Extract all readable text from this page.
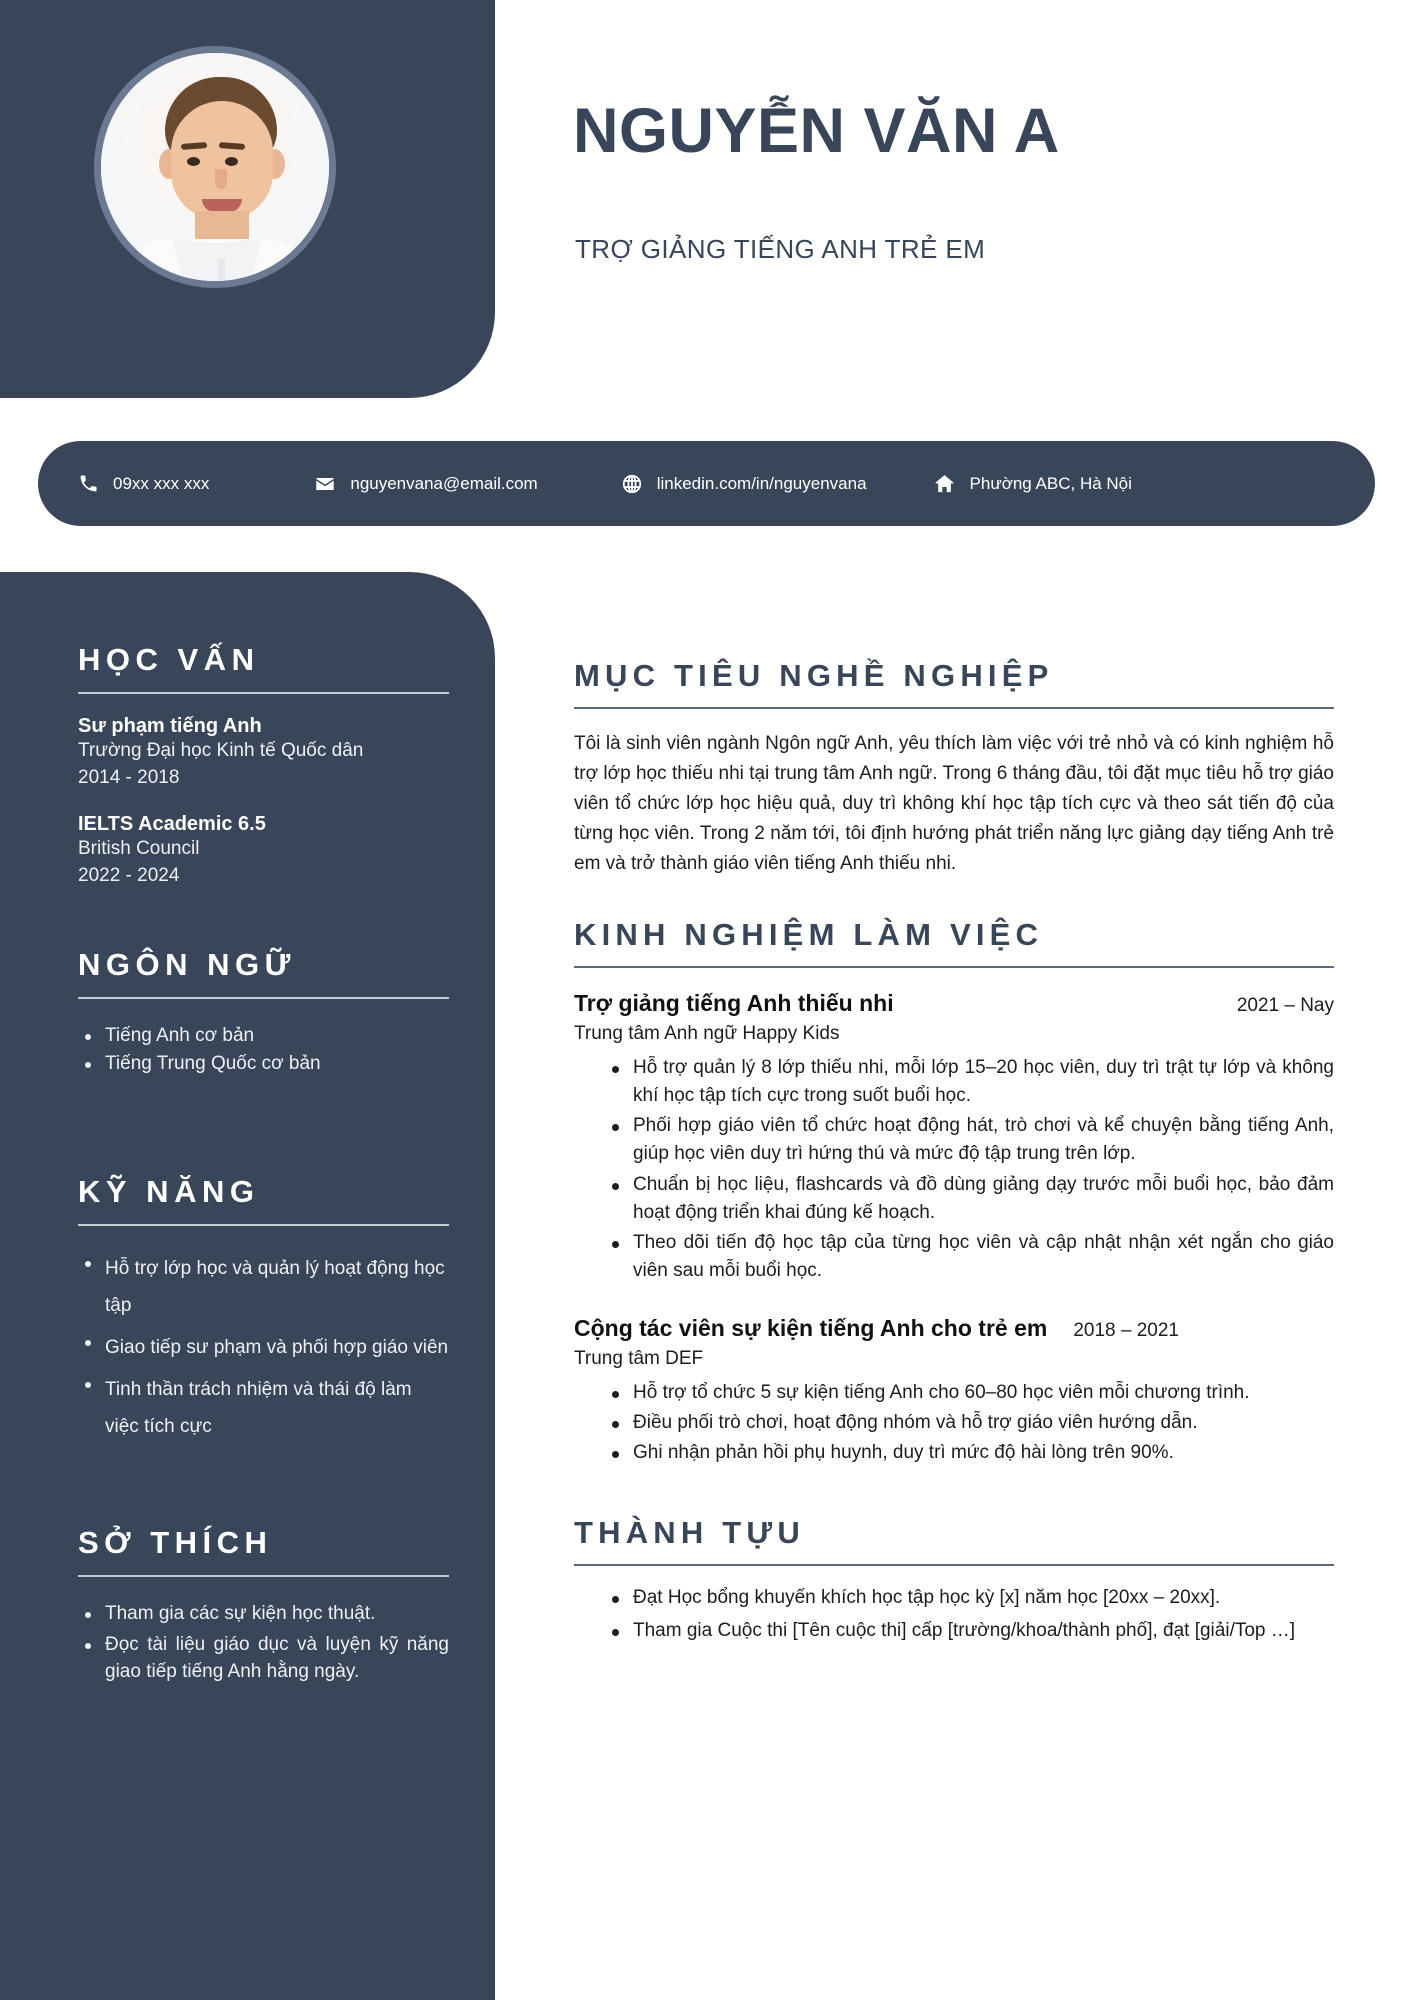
NGUYỄN VĂN A
TRỢ GIẢNG TIẾNG ANH TRẺ EM
09xx xxx xxx	nguyenvana@email.com	linkedin.com/in/nguyenvana	Phường ABC, Hà Nội
HỌC VẤN
Sư phạm tiếng Anh
Trường Đại học Kinh tế Quốc dân
2014 - 2018
IELTS Academic 6.5
British Council
2022 - 2024
NGÔN NGỮ
Tiếng Anh cơ bản
Tiếng Trung Quốc cơ bản
KỸ NĂNG
Hỗ trợ lớp học và quản lý hoạt động học tập
Giao tiếp sư phạm và phối hợp giáo viên
Tinh thần trách nhiệm và thái độ làm việc tích cực
SỞ THÍCH
Tham gia các sự kiện học thuật.
Đọc tài liệu giáo dục và luyện kỹ năng giao tiếp tiếng Anh hằng ngày.
MỤC TIÊU NGHỀ NGHIỆP

Tôi là sinh viên ngành Ngôn ngữ Anh, yêu thích làm việc với trẻ nhỏ và có kinh nghiệm hỗ trợ lớp học thiếu nhi tại trung tâm Anh ngữ. Trong 6 tháng đầu, tôi đặt mục tiêu hỗ trợ giáo viên tổ chức lớp học hiệu quả, duy trì không khí học tập tích cực và theo sát tiến độ của từng học viên. Trong 2 năm tới, tôi định hướng phát triển năng lực giảng dạy tiếng Anh trẻ em và trở thành giáo viên tiếng Anh thiếu nhi.

KINH NGHIỆM LÀM VIỆC
Trợ giảng tiếng Anh thiếu nhi	2021 – Nay
Trung tâm Anh ngữ Happy Kids
Hỗ trợ quản lý 8 lớp thiếu nhi, mỗi lớp 15–20 học viên, duy trì trật tự lớp và không khí học tập tích cực trong suốt buổi học.
Phối hợp giáo viên tổ chức hoạt động hát, trò chơi và kể chuyện bằng tiếng Anh, giúp học viên duy trì hứng thú và mức độ tập trung trên lớp.
Chuẩn bị học liệu, flashcards và đồ dùng giảng dạy trước mỗi buổi học, bảo đảm hoạt động triển khai đúng kế hoạch.
Theo dõi tiến độ học tập của từng học viên và cập nhật nhận xét ngắn cho giáo viên sau mỗi buổi học.
Cộng tác viên sự kiện tiếng Anh cho trẻ em 2018 – 2021
Trung tâm DEF
Hỗ trợ tổ chức 5 sự kiện tiếng Anh cho 60–80 học viên mỗi chương trình.
Điều phối trò chơi, hoạt động nhóm và hỗ trợ giáo viên hướng dẫn.
Ghi nhận phản hồi phụ huynh, duy trì mức độ hài lòng trên 90%.
THÀNH TỰU
Đạt Học bổng khuyến khích học tập học kỳ [x] năm học [20xx – 20xx].
Tham gia Cuộc thi [Tên cuộc thi] cấp [trường/khoa/thành phố], đạt [giải/Top …]
